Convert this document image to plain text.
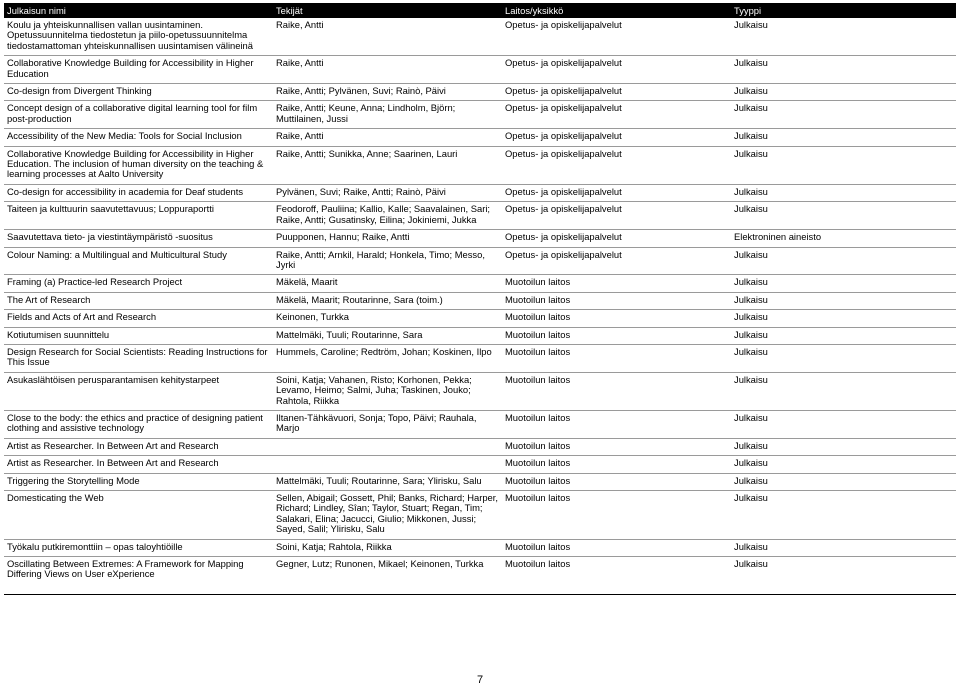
Julkaisun nimi	Tekijät	Laitos/yksikkö	Tyyppi
Koulu ja yhteiskunnallisen vallan uusintaminen. Opetussuunnitelma tiedostetun ja piilo-opetussuunnitelma tiedostamattoman yhteiskunnallisen uusintamisen välineinä	Raike, Antti	Opetus- ja opiskelijapalvelut	Julkaisu
Collaborative Knowledge Building for Accessibility in Higher Education	Raike, Antti	Opetus- ja opiskelijapalvelut	Julkaisu
Co-design from Divergent Thinking	Raike, Antti; Pylvänen, Suvi; Rainò, Päivi	Opetus- ja opiskelijapalvelut	Julkaisu
Concept design of a collaborative digital learning tool for film post-production	Raike, Antti; Keune, Anna; Lindholm, Björn; Muttilainen, Jussi	Opetus- ja opiskelijapalvelut	Julkaisu
Accessibility of the New Media: Tools for Social Inclusion	Raike, Antti	Opetus- ja opiskelijapalvelut	Julkaisu
Collaborative Knowledge Building for Accessibility in Higher Education. The inclusion of human diversity on the teaching & learning processes at Aalto University	Raike, Antti; Sunikka, Anne; Saarinen, Lauri	Opetus- ja opiskelijapalvelut	Julkaisu
Co-design for accessibility in academia for Deaf students	Pylvänen, Suvi; Raike, Antti; Rainò, Päivi	Opetus- ja opiskelijapalvelut	Julkaisu
Taiteen ja kulttuurin saavutettavuus; Loppuraportti	Feodoroff, Pauliina; Kallio, Kalle; Saavalainen, Sari; Raike, Antti; Gusatinsky, Eilina; Jokiniemi, Jukka	Opetus- ja opiskelijapalvelut	Julkaisu
Saavutettava tieto- ja viestintäympäristö -suositus	Puupponen, Hannu; Raike, Antti	Opetus- ja opiskelijapalvelut	Elektroninen aineisto
Colour Naming: a Multilingual and Multicultural Study	Raike, Antti; Arnkil, Harald; Honkela, Timo; Messo, Jyrki	Opetus- ja opiskelijapalvelut	Julkaisu
Framing (a) Practice-led Research Project	Mäkelä, Maarit	Muotoilun laitos	Julkaisu
The Art of Research	Mäkelä, Maarit; Routarinne, Sara (toim.)	Muotoilun laitos	Julkaisu
Fields and Acts of Art and Research	Keinonen, Turkka	Muotoilun laitos	Julkaisu
Kotiutumisen suunnittelu	Mattelmäki, Tuuli; Routarinne, Sara	Muotoilun laitos	Julkaisu
Design Research for Social Scientists: Reading Instructions for This Issue	Hummels, Caroline; Redtröm, Johan; Koskinen, Ilpo	Muotoilun laitos	Julkaisu
Asukaslähtöisen perusparantamisen kehitystarpeet	Soini, Katja; Vahanen, Risto; Korhonen, Pekka; Levamo, Heimo; Salmi, Juha; Taskinen, Jouko; Rahtola, Riikka	Muotoilun laitos	Julkaisu
Close to the body: the ethics and practice of designing patient clothing and assistive technology	Iltanen-Tähkävuori, Sonja; Topo, Päivi; Rauhala, Marjo	Muotoilun laitos	Julkaisu
Artist as Researcher. In Between Art and Research		Muotoilun laitos	Julkaisu
Artist as Researcher. In Between Art and Research		Muotoilun laitos	Julkaisu
Triggering the Storytelling Mode	Mattelmäki, Tuuli; Routarinne, Sara; Ylirisku, Salu	Muotoilun laitos	Julkaisu
Domesticating the Web	Sellen, Abigail; Gossett, Phil; Banks, Richard; Harper, Richard; Lindley, Sîan; Taylor, Stuart; Regan, Tim; Salakari, Elina; Jacucci, Giulio; Mikkonen, Jussi; Sayed, Salil; Ylirisku, Salu	Muotoilun laitos	Julkaisu
Työkalu putkiremonttiin – opas taloyhtiöille	Soini, Katja; Rahtola, Riikka	Muotoilun laitos	Julkaisu
Oscillating Between Extremes: A Framework for Mapping Differing Views on User eXperience	Gegner, Lutz; Runonen, Mikael; Keinonen, Turkka	Muotoilun laitos	Julkaisu
7
